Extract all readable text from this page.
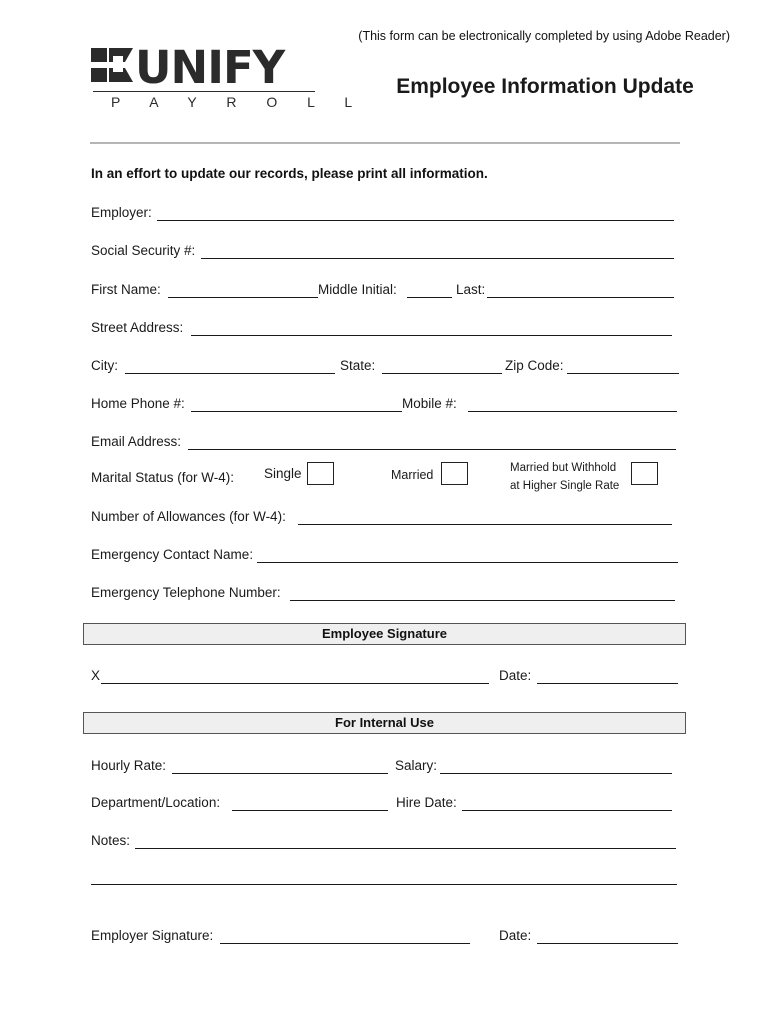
(This form can be electronically completed by using Adobe Reader)
UNIFY
P A Y R O L L
Employee Information Update
In an effort to update our records, please print all information.
Employer:
Social Security #:
First Name:	Middle Initial:	Last:
Street Address:
City:	State:	Zip Code:
Home Phone #:	Mobile #:
Email Address:
Marital Status (for W-4): Single	Married	Married but Withhold
at Higher Single Rate
Number of Allowances (for W-4):
Emergency Contact Name:
Emergency Telephone Number:
Employee Signature
X	Date:
For Internal Use
Hourly Rate:	Salary:
Department/Location:	Hire Date:
Notes:
Employer Signature:	Date:
